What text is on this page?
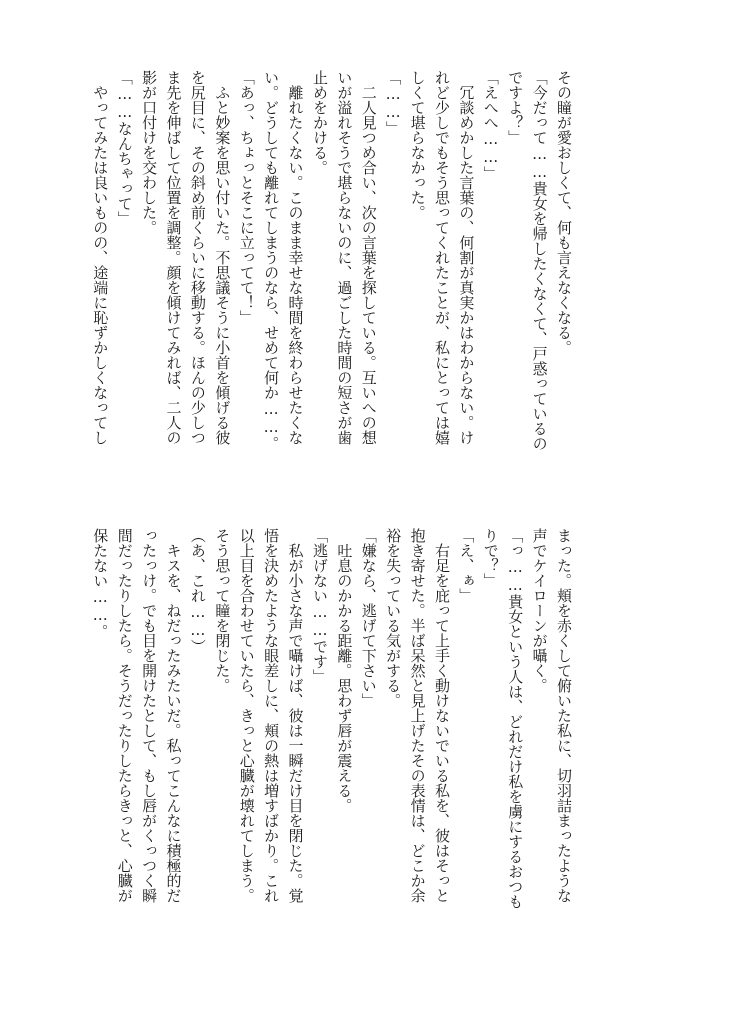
その瞳が愛おしくて、何も言えなくなる。
「今だって……貴女を帰したくなくて、戸惑っているの
ですよ？」
「えへへ……」
　冗談めかした言葉の、何割が真実かはわからない。け
れど少しでもそう思ってくれたことが、私にとっては嬉
しくて堪らなかった。
「……」
　二人見つめ合い、次の言葉を探している。互いへの想
いが溢れそうで堪らないのに、過ごした時間の短さが歯
止めをかける。
　離れたくない。このまま幸せな時間を終わらせたくな
い。どうしても離れてしまうのなら、せめて何か……。
「あっ、ちょっとそこに立ってて！」
　ふと妙案を思い付いた。不思議そうに小首を傾げる彼
を尻目に、その斜め前くらいに移動する。ほんの少しつ
ま先を伸ばして位置を調整。顔を傾けてみれば、二人の
影が口付けを交わした。
「……なんちゃって」
　やってみたは良いものの、途端に恥ずかしくなってし
まった。頬を赤くして俯いた私に、切羽詰まったような
声でケイローンが囁く。
「っ……貴女という人は、どれだけ私を虜にするおつも
りで？」
「え、ぁ」
　右足を庇って上手く動けないでいる私を、彼はそっと
抱き寄せた。半ば呆然と見上げたその表情は、どこか余
裕を失っている気がする。
「嫌なら、逃げて下さい」
　吐息のかかる距離。思わず唇が震える。
「逃げない……です」
　私が小さな声で囁けば、彼は一瞬だけ目を閉じた。覚
悟を決めたような眼差しに、頬の熱は増すばかり。これ
以上目を合わせていたら、きっと心臓が壊れてしまう。
そう思って瞳を閉じた。
（あ、これ……）
　キスを、ねだったみたいだ。私ってこんなに積極的だ
ったっけ。でも目を開けたとして、もし唇がくっつく瞬
間だったりしたら。そうだったりしたらきっと、心臓が
保たない……。
